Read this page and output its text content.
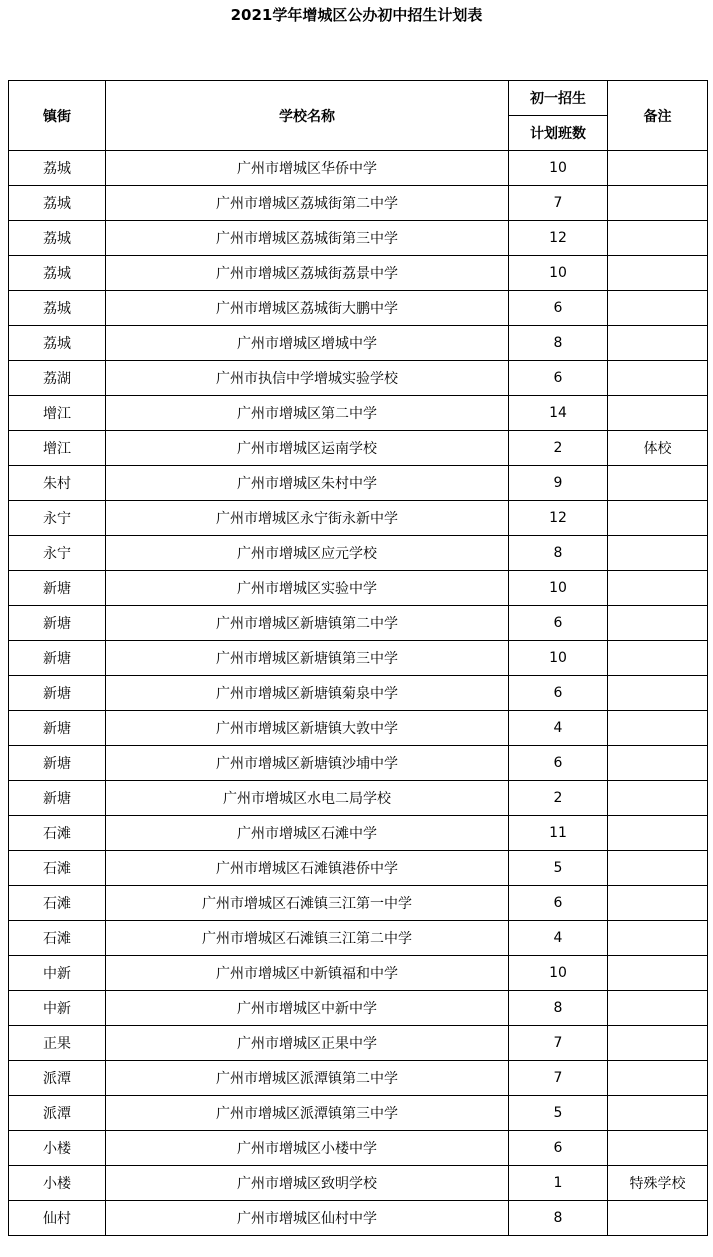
2021学年增城区公办初中招生计划表
镇街	学校名称	初一招生	备注
		计划班数	
荔城	广州市增城区华侨中学	10	
荔城	广州市增城区荔城街第二中学	7	
荔城	广州市增城区荔城街第三中学	12	
荔城	广州市增城区荔城街荔景中学	10	
荔城	广州市增城区荔城街大鹏中学	6	
荔城	广州市增城区增城中学	8	
荔湖	广州市执信中学增城实验学校	6	
增江	广州市增城区第二中学	14	
增江	广州市增城区运南学校	2	体校
朱村	广州市增城区朱村中学	9	
永宁	广州市增城区永宁街永新中学	12	
永宁	广州市增城区应元学校	8	
新塘	广州市增城区实验中学	10	
新塘	广州市增城区新塘镇第二中学	6	
新塘	广州市增城区新塘镇第三中学	10	
新塘	广州市增城区新塘镇菊泉中学	6	
新塘	广州市增城区新塘镇大敦中学	4	
新塘	广州市增城区新塘镇沙埔中学	6	
新塘	广州市增城区水电二局学校	2	
石滩	广州市增城区石滩中学	11	
石滩	广州市增城区石滩镇港侨中学	5	
石滩	广州市增城区石滩镇三江第一中学	6	
石滩	广州市增城区石滩镇三江第二中学	4	
中新	广州市增城区中新镇福和中学	10	
中新	广州市增城区中新中学	8	
正果	广州市增城区正果中学	7	
派潭	广州市增城区派潭镇第二中学	7	
派潭	广州市增城区派潭镇第三中学	5	
小楼	广州市增城区小楼中学	6	
小楼	广州市增城区致明学校	1	特殊学校
仙村	广州市增城区仙村中学	8	
